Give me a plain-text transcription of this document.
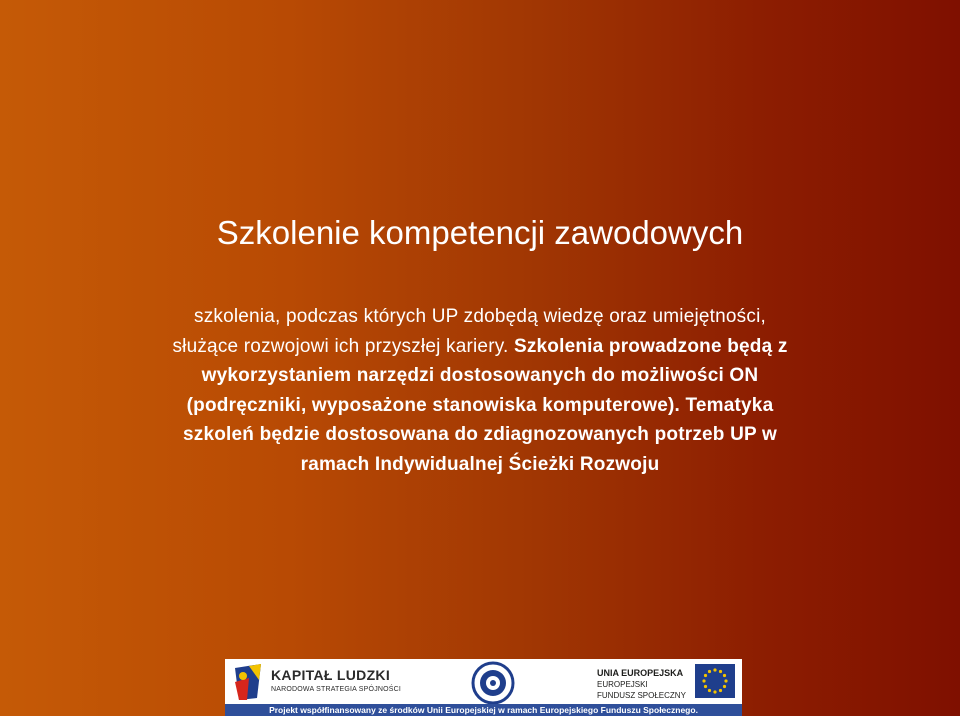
Szkolenie kompetencji zawodowych
szkolenia, podczas których UP zdobędą wiedzę oraz umiejętności,
służące rozwojowi ich przyszłej kariery. Szkolenia prowadzone będą z
wykorzystaniem narzędzi dostosowanych do możliwości ON
(podręczniki, wyposażone stanowiska komputerowe). Tematyka
szkoleń będzie dostosowana do zdiagnozowanych potrzeb UP w
ramach Indywidualnej Ścieżki Rozwoju
KAPITAŁ LUDZKI
NARODOWA STRATEGIA SPÓJNOŚCI
UNIA EUROPEJSKA
EUROPEJSKI
FUNDUSZ SPOŁECZNY
Projekt współfinansowany ze środków Unii Europejskiej w ramach Europejskiego Funduszu Społecznego.
